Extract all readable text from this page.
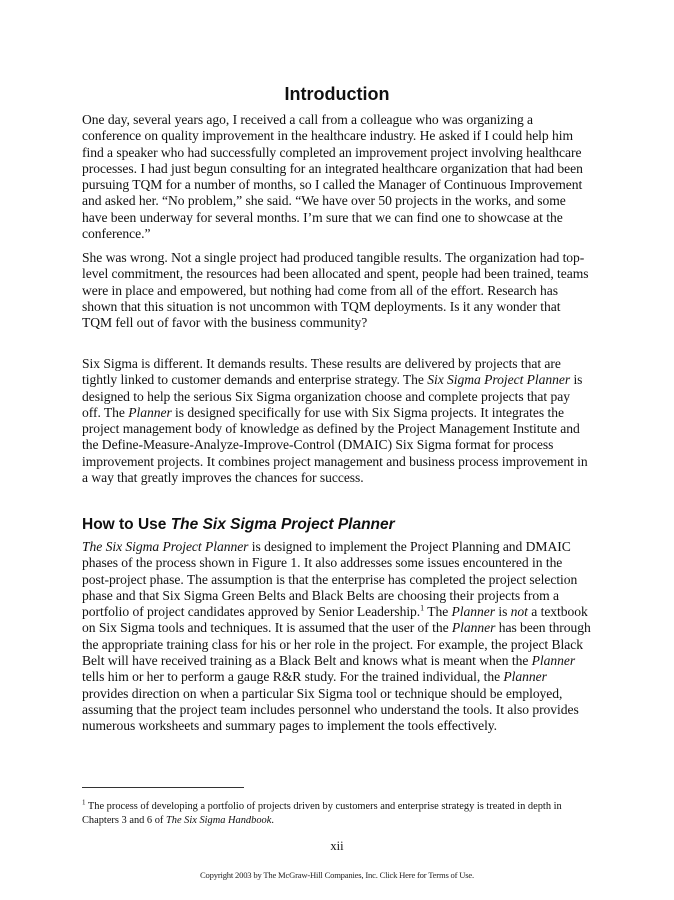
Introduction

One day, several years ago, I received a call from a colleague who was organizing a conference on quality improvement in the healthcare industry. He asked if I could help him find a speaker who had successfully completed an improvement project involving healthcare processes. I had just begun consulting for an integrated healthcare organization that had been pursuing TQM for a number of months, so I called the Manager of Continuous Improvement and asked her. “No problem,” she said. “We have over 50 projects in the works, and some have been underway for several months. I’m sure that we can find one to showcase at the conference.”

She was wrong. Not a single project had produced tangible results. The organization had top-level commitment, the resources had been allocated and spent, people had been trained, teams were in place and empowered, but nothing had come from all of the effort. Research has shown that this situation is not uncommon with TQM deployments. Is it any wonder that TQM fell out of favor with the business community?

Six Sigma is different. It demands results. These results are delivered by projects that are tightly linked to customer demands and enterprise strategy. The Six Sigma Project Planner is designed to help the serious Six Sigma organization choose and complete projects that pay off. The Planner is designed specifically for use with Six Sigma projects. It integrates the project management body of knowledge as defined by the Project Management Institute and the Define-Measure-Analyze-Improve-Control (DMAIC) Six Sigma format for process improvement projects. It combines project management and business process improvement in a way that greatly improves the chances for success.

How to Use The Six Sigma Project Planner

The Six Sigma Project Planner is designed to implement the Project Planning and DMAIC phases of the process shown in Figure 1. It also addresses some issues encountered in the post-project phase. The assumption is that the enterprise has completed the project selection phase and that Six Sigma Green Belts and Black Belts are choosing their projects from a portfolio of project candidates approved by Senior Leadership.$^1$ The Planner is not a textbook on Six Sigma tools and techniques. It is assumed that the user of the Planner has been through the appropriate training class for his or her role in the project. For example, the project Black Belt will have received training as a Black Belt and knows what is meant when the Planner tells him or her to perform a gauge R&R study. For the trained individual, the Planner provides direction on when a particular Six Sigma tool or technique should be employed, assuming that the project team includes personnel who understand the tools. It also provides numerous worksheets and summary pages to implement the tools effectively.

$^1$ The process of developing a portfolio of projects driven by customers and enterprise strategy is treated in depth in Chapters 3 and 6 of The Six Sigma Handbook.

xii

Copyright 2003 by The McGraw-Hill Companies, Inc. Click Here for Terms of Use.
